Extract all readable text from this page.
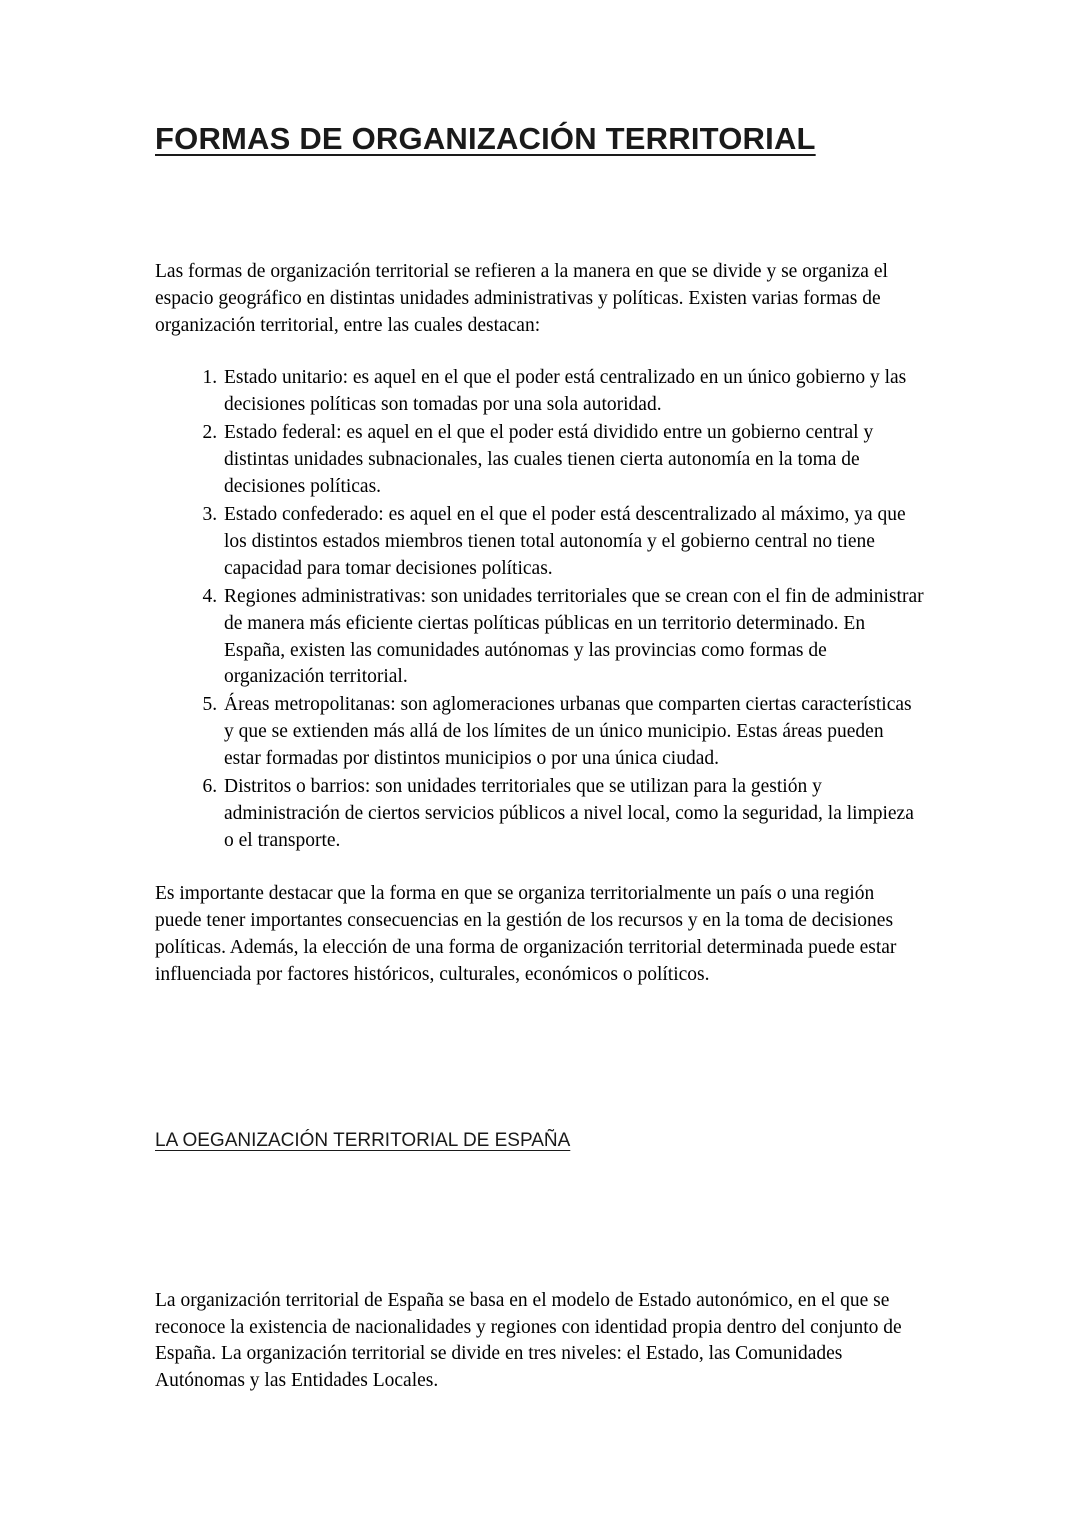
FORMAS DE ORGANIZACIÓN TERRITORIAL

Las formas de organización territorial se refieren a la manera en que se divide y se organiza el espacio geográfico en distintas unidades administrativas y políticas. Existen varias formas de organización territorial, entre las cuales destacan:

1. Estado unitario: es aquel en el que el poder está centralizado en un único gobierno y las decisiones políticas son tomadas por una sola autoridad.
2. Estado federal: es aquel en el que el poder está dividido entre un gobierno central y distintas unidades subnacionales, las cuales tienen cierta autonomía en la toma de decisiones políticas.
3. Estado confederado: es aquel en el que el poder está descentralizado al máximo, ya que los distintos estados miembros tienen total autonomía y el gobierno central no tiene capacidad para tomar decisiones políticas.
4. Regiones administrativas: son unidades territoriales que se crean con el fin de administrar de manera más eficiente ciertas políticas públicas en un territorio determinado. En España, existen las comunidades autónomas y las provincias como formas de organización territorial.
5. Áreas metropolitanas: son aglomeraciones urbanas que comparten ciertas características y que se extienden más allá de los límites de un único municipio. Estas áreas pueden estar formadas por distintos municipios o por una única ciudad.
6. Distritos o barrios: son unidades territoriales que se utilizan para la gestión y administración de ciertos servicios públicos a nivel local, como la seguridad, la limpieza o el transporte.

Es importante destacar que la forma en que se organiza territorialmente un país o una región puede tener importantes consecuencias en la gestión de los recursos y en la toma de decisiones políticas. Además, la elección de una forma de organización territorial determinada puede estar influenciada por factores históricos, culturales, económicos o políticos.

LA OEGANIZACIÓN TERRITORIAL DE ESPAÑA

La organización territorial de España se basa en el modelo de Estado autonómico, en el que se reconoce la existencia de nacionalidades y regiones con identidad propia dentro del conjunto de España. La organización territorial se divide en tres niveles: el Estado, las Comunidades Autónomas y las Entidades Locales.
